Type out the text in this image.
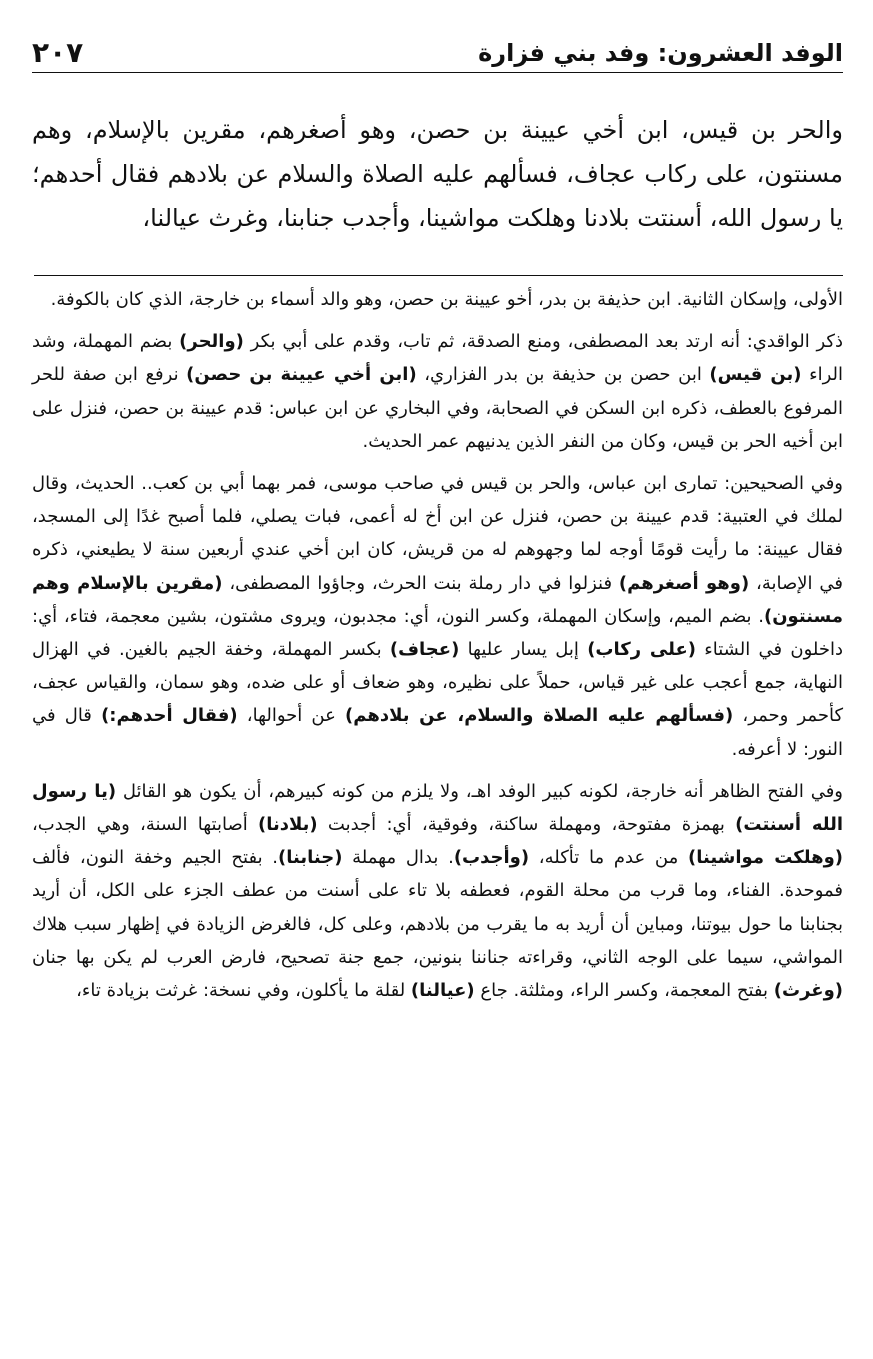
الوفد العشرون: وفد بني فزارة
٢٠٧
والحر بن قيس، ابن أخي عيينة بن حصن، وهو أصغرهم، مقرين بالإسلام، وهم مسنتون، على ركاب عجاف، فسألهم عليه الصلاة والسلام عن بلادهم فقال أحدهم؛ يا رسول الله، أسنتت بلادنا وهلكت مواشينا، وأجدب جنابنا، وغرث عيالنا،

الأولى، وإسكان الثانية. ابن حذيفة بن بدر، أخو عيينة بن حصن، وهو والد أسماء بن خارجة، الذي كان بالكوفة.

ذكر الواقدي: أنه ارتد بعد المصطفى، ومنع الصدقة، ثم تاب، وقدم على أبي بكر (والحر) بضم المهملة، وشد الراء (بن قيس) ابن حصن بن حذيفة بن بدر الفزاري، (ابن أخي عيينة بن حصن) نرفع ابن صفة للحر المرفوع بالعطف، ذكره ابن السكن في الصحابة، وفي البخاري عن ابن عباس: قدم عيينة بن حصن، فنزل على ابن أخيه الحر بن قيس، وكان من النفر الذين يدنيهم عمر الحديث.

وفي الصحيحين: تمارى ابن عباس، والحر بن قيس في صاحب موسى، فمر بهما أبي بن كعب.. الحديث، وقال لملك في العتبية: قدم عيينة بن حصن، فنزل عن ابن أخ له أعمى، فبات يصلي، فلما أصبح غدًا إلى المسجد، فقال عيينة: ما رأيت قومًا أوجه لما وجهوهم له من قريش، كان ابن أخي عندي أربعين سنة لا يطيعني، ذكره في الإصابة، (وهو أصغرهم) فنزلوا في دار رملة بنت الحرث، وجاؤوا المصطفى، (مقرين بالإسلام وهم مسنتون). بضم الميم، وإسكان المهملة، وكسر النون، أي: مجدبون، ويروى مشتون، بشين معجمة، فتاء، أي: داخلون في الشتاء (على ركاب) إبل يسار عليها (عجاف) بكسر المهملة، وخفة الجيم بالغين. في الهزال النهاية، جمع أعجب على غير قياس، حملاً على نظيره، وهو ضعاف أو على ضده، وهو سمان، والقياس عجف، كأحمر وحمر، (فسألهم عليه الصلاة والسلام، عن بلادهم) عن أحوالها، (فقال أحدهم:) قال في النور: لا أعرفه.

وفي الفتح الظاهر أنه خارجة، لكونه كبير الوفد اهـ، ولا يلزم من كونه كبيرهم، أن يكون هو القائل (يا رسول الله أسنتت) بهمزة مفتوحة، ومهملة ساكنة، وفوقية، أي: أجدبت (بلادنا) أصابتها السنة، وهي الجدب، (وهلكت مواشينا) من عدم ما تأكله، (وأجدب). بدال مهملة (جنابنا). بفتح الجيم وخفة النون، فألف فموحدة. الفناء، وما قرب من محلة القوم، فعطفه بلا تاء على أسنت من عطف الجزء على الكل، أن أريد بجنابنا ما حول بيوتنا، ومباين أن أريد به ما يقرب من بلادهم، وعلى كل، فالغرض الزيادة في إظهار سبب هلاك المواشي، سيما على الوجه الثاني، وقراءته جناننا بنونين، جمع جنة تصحيح، فارض العرب لم يكن بها جنان (وغرث) بفتح المعجمة، وكسر الراء، ومثلثة. جاع (عيالنا) لقلة ما يأكلون، وفي نسخة: غرثت بزيادة تاء،
